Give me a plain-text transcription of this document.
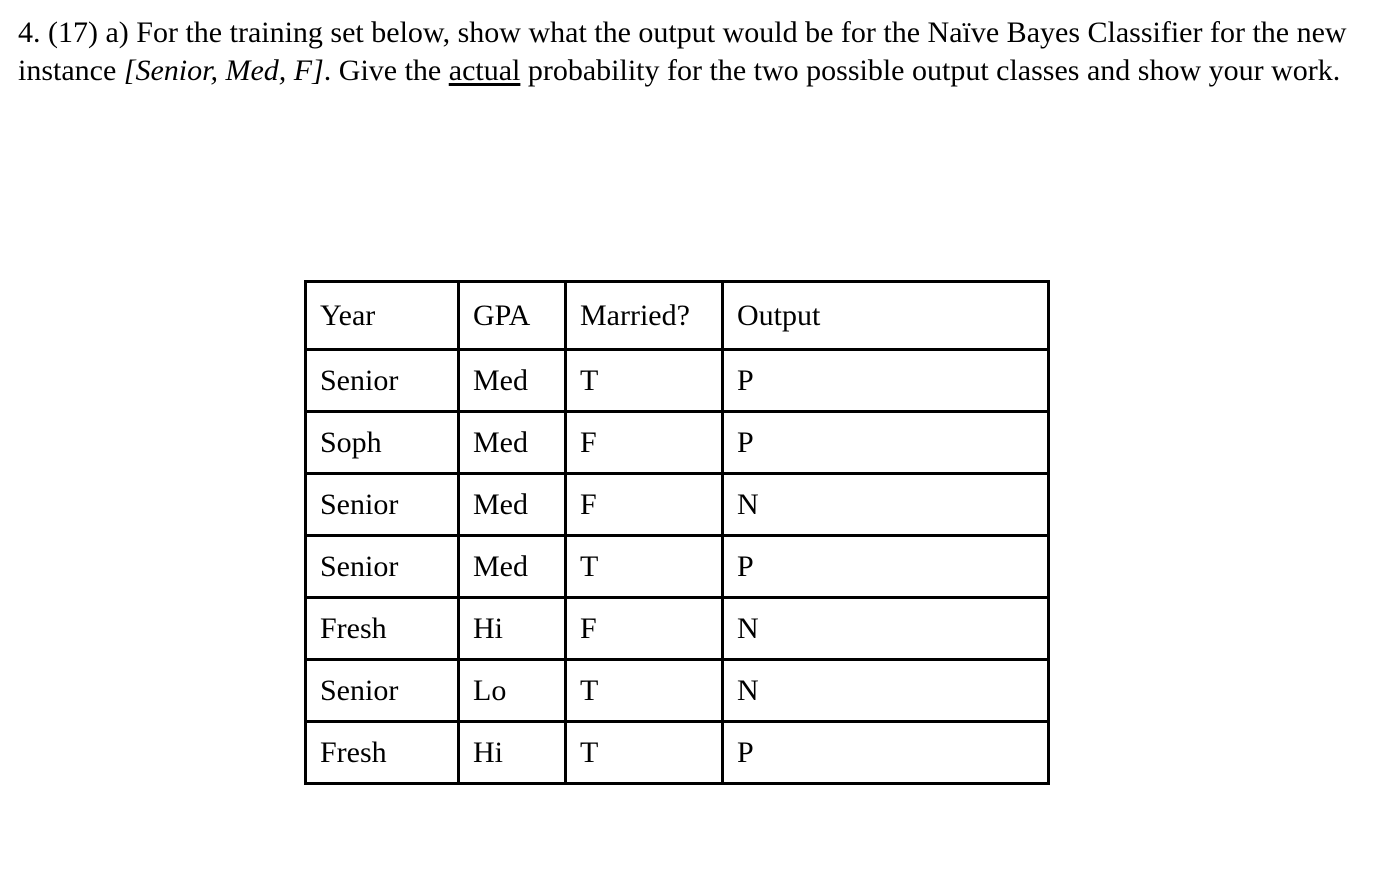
4. (17) a) For the training set below, show what the output would be for the Naïve Bayes Classifier for the new instance [Senior, Med, F]. Give the actual probability for the two possible output classes and show your work.

Year	GPA	Married?	Output
Senior	Med	T	P
Soph	Med	F	P
Senior	Med	F	N
Senior	Med	T	P
Fresh	Hi	F	N
Senior	Lo	T	N
Fresh	Hi	T	P
